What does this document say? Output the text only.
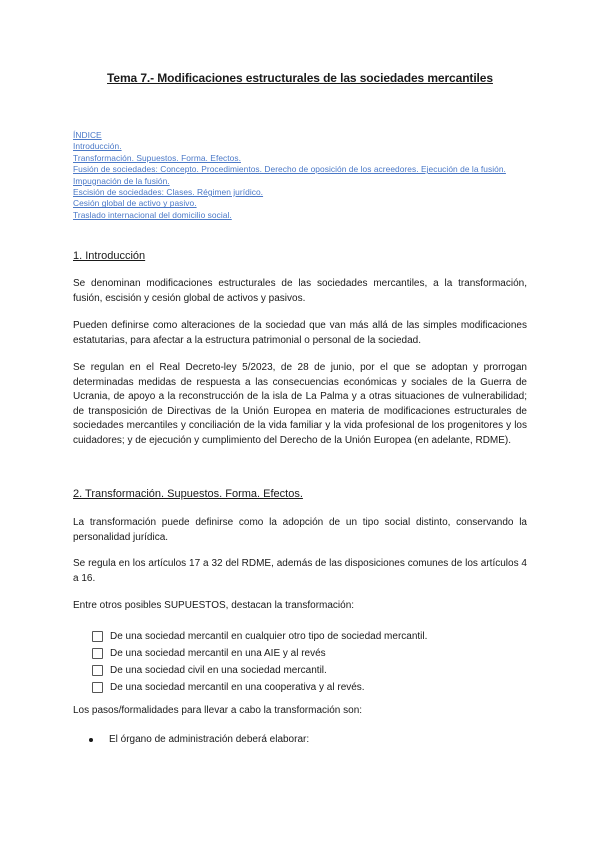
Tema 7.- Modificaciones estructurales de las sociedades mercantiles
ÍNDICE
Introducción.
Transformación. Supuestos. Forma. Efectos.
Fusión de sociedades: Concepto. Procedimientos. Derecho de oposición de los acreedores. Ejecución de la fusión. Impugnación de la fusión.
Escisión de sociedades: Clases. Régimen jurídico.
Cesión global de activo y pasivo.
Traslado internacional del domicilio social.
1. Introducción

Se denominan modificaciones estructurales de las sociedades mercantiles, a la transformación, fusión, escisión y cesión global de activos y pasivos.

Pueden definirse como alteraciones de la sociedad que van más allá de las simples modificaciones estatutarias, para afectar a la estructura patrimonial o personal de la sociedad.

Se regulan en el Real Decreto-ley 5/2023, de 28 de junio, por el que se adoptan y prorrogan determinadas medidas de respuesta a las consecuencias económicas y sociales de la Guerra de Ucrania, de apoyo a la reconstrucción de la isla de La Palma y a otras situaciones de vulnerabilidad; de transposición de Directivas de la Unión Europea en materia de modificaciones estructurales de sociedades mercantiles y conciliación de la vida familiar y la vida profesional de los progenitores y los cuidadores; y de ejecución y cumplimiento del Derecho de la Unión Europea (en adelante, RDME).

2. Transformación. Supuestos. Forma. Efectos.

La transformación puede definirse como la adopción de un tipo social distinto, conservando la personalidad jurídica.

Se regula en los artículos 17 a 32 del RDME, además de las disposiciones comunes de los artículos 4 a 16.

Entre otros posibles SUPUESTOS, destacan la transformación:

De una sociedad mercantil en cualquier otro tipo de sociedad mercantil.
De una sociedad mercantil en una AIE y al revés
De una sociedad civil en una sociedad mercantil.
De una sociedad mercantil en una cooperativa y al revés.

Los pasos/formalidades para llevar a cabo la transformación son:

El órgano de administración deberá elaborar:
